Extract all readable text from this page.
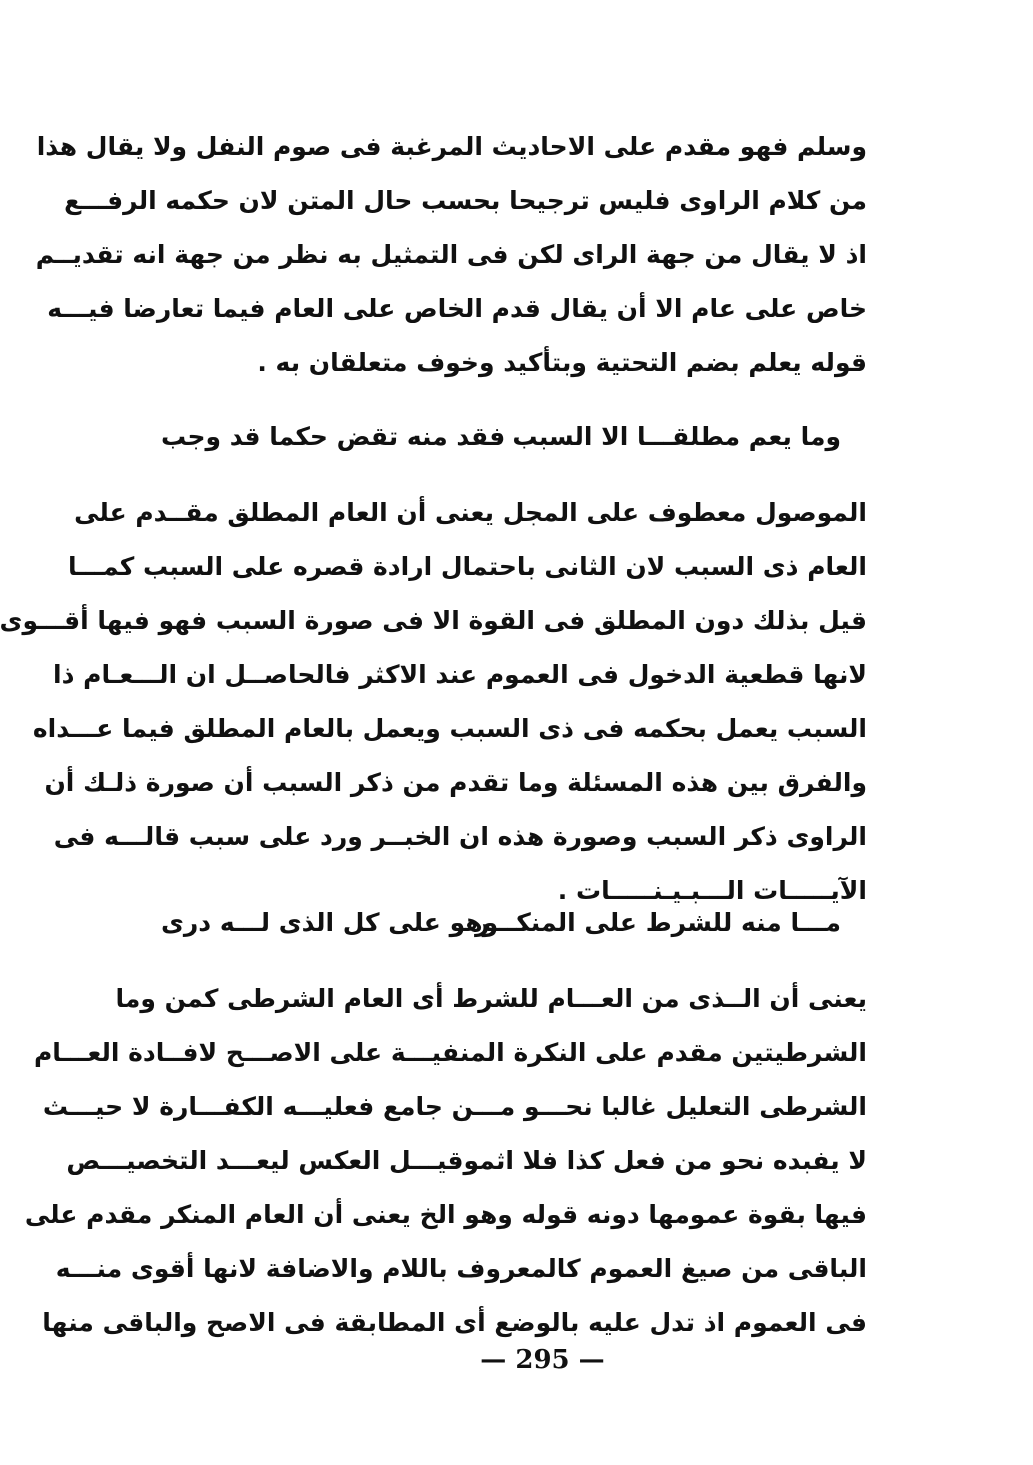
وسلم فهو مقدم على الاحاديث المرغبة فى صوم النفل ولا يقال هذا
من كلام الراوى فليس ترجيحا بحسب حال المتن لان حكمه الرفـــع
اذ لا يقال من جهة الراى لكن فى التمثيل به نظر من جهة انه تقديــم
خاص على عام الا أن يقال قدم الخاص على العام فيما تعارضا فيـــه
قوله يعلم بضم التحتية وبتأكيد وخوف متعلقان به .
وما يعم مطلقـــا الا السبب
فقد منه تقض حكما قد وجب
الموصول معطوف على المجل يعنى أن العام المطلق مقــدم على
العام ذى السبب لان الثانى باحتمال ارادة قصره على السبب كمـــا
قيل بذلك دون المطلق فى القوة الا فى صورة السبب فهو فيها أقـــوى
لانها قطعية الدخول فى العموم عند الاكثر فالحاصــل ان الـــعـام ذا
السبب يعمل بحكمه فى ذى السبب ويعمل بالعام المطلق فيما عـــداه
والفرق بين هذه المسئلة وما تقدم من ذكر السبب أن صورة ذلـك أن
الراوى ذكر السبب وصورة هذه ان الخبــر ورد على سبب قالـــه فى
الآيـــــات الـــبـيـنـــــات .
مـــا منه للشرط على المنكـــر
وهو على كل الذى لـــه درى
يعنى أن الــذى من العـــام للشرط أى العام الشرطى كمن وما
الشرطيتين مقدم على النكرة المنفيـــة على الاصـــح لافــادة العـــام
الشرطى التعليل غالبا نحـــو مـــن جامع فعليـــه الكفـــارة لا حيـــث
لا يفبده نحو من فعل كذا فلا اثموقيـــل العكس ليعـــد التخصيـــص
فيها بقوة عمومها دونه قوله وهو الخ يعنى أن العام المنكر مقدم على
الباقى من صيغ العموم كالمعروف باللام والاضافة لانها أقوى منـــه
فى العموم اذ تدل عليه بالوضع أى المطابقة فى الاصح والباقى منها
— 295 —
